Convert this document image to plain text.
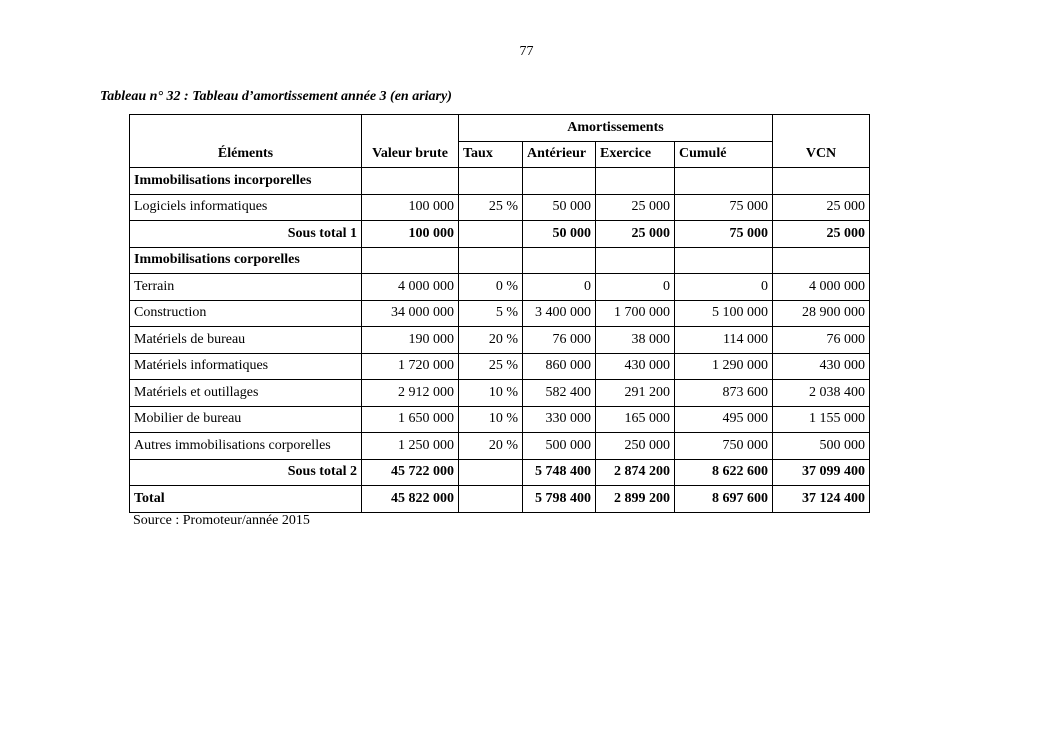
77
Tableau n° 32 : Tableau d’amortissement année 3 (en ariary)
Éléments	Valeur brute	Amortissements				VCN
		Taux	Antérieur	Exercice	Cumulé	
Immobilisations incorporelles						
Logiciels informatiques	100 000	25 %	50 000	25 000	75 000	25 000
Sous total 1	100 000		50 000	25 000	75 000	25 000
Immobilisations corporelles						
Terrain	4 000 000	0 %	0	0	0	4 000 000
Construction	34 000 000	5 %	3 400 000	1 700 000	5 100 000	28 900 000
Matériels de bureau	190 000	20 %	76 000	38 000	114 000	76 000
Matériels informatiques	1 720 000	25 %	860 000	430 000	1 290 000	430 000
Matériels et outillages	2 912 000	10 %	582 400	291 200	873 600	2 038 400
Mobilier de bureau	1 650 000	10 %	330 000	165 000	495 000	1 155 000
Autres immobilisations corporelles	1 250 000	20 %	500 000	250 000	750 000	500 000
Sous total 2	45 722 000		5 748 400	2 874 200	8 622 600	37 099 400
Total	45 822 000		5 798 400	2 899 200	8 697 600	37 124 400
Source : Promoteur/année 2015
